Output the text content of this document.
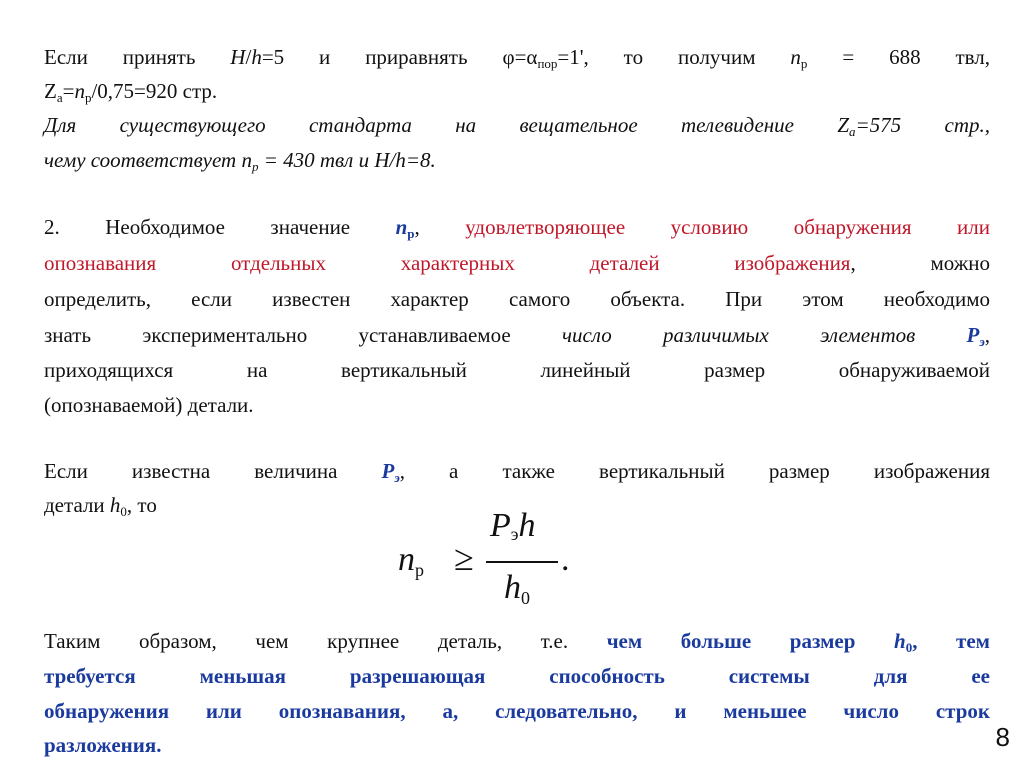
Если принять H/h=5 и приравнять $\varphi=\alpha_{пор}=1'$, то получим $n_р = 688$ твл,
$Z_a=n_р/0,75=920$ стр.
Для существующего стандарта на вещательное телевидение $Z_a=575$ стр.,
чему соответствует $n_p = 430$ твл и H/h=8.
2. Необходимое значение $n_p$, удовлетворяющее условию обнаружения или
опознавания отдельных характерных деталей изображения, можно
определить, если известен характер самого объекта. При этом необходимо
знать экспериментально устанавливаемое число различимых элементов $P_э$,
приходящихся на вертикальный линейный размер обнаруживаемой
(опознаваемой) детали.
Если известна величина $P_э$, а также вертикальный размер изображения
детали $h_0$, то
$n_р$ ≥
$P_эh$
$h_0$
.
Таким образом, чем крупнее деталь, т.е. чем больше размер $h_0$, тем
требуется меньшая разрешающая способность системы для ее
обнаружения или опознавания, а, следовательно, и меньшее число строк
разложения.	8
